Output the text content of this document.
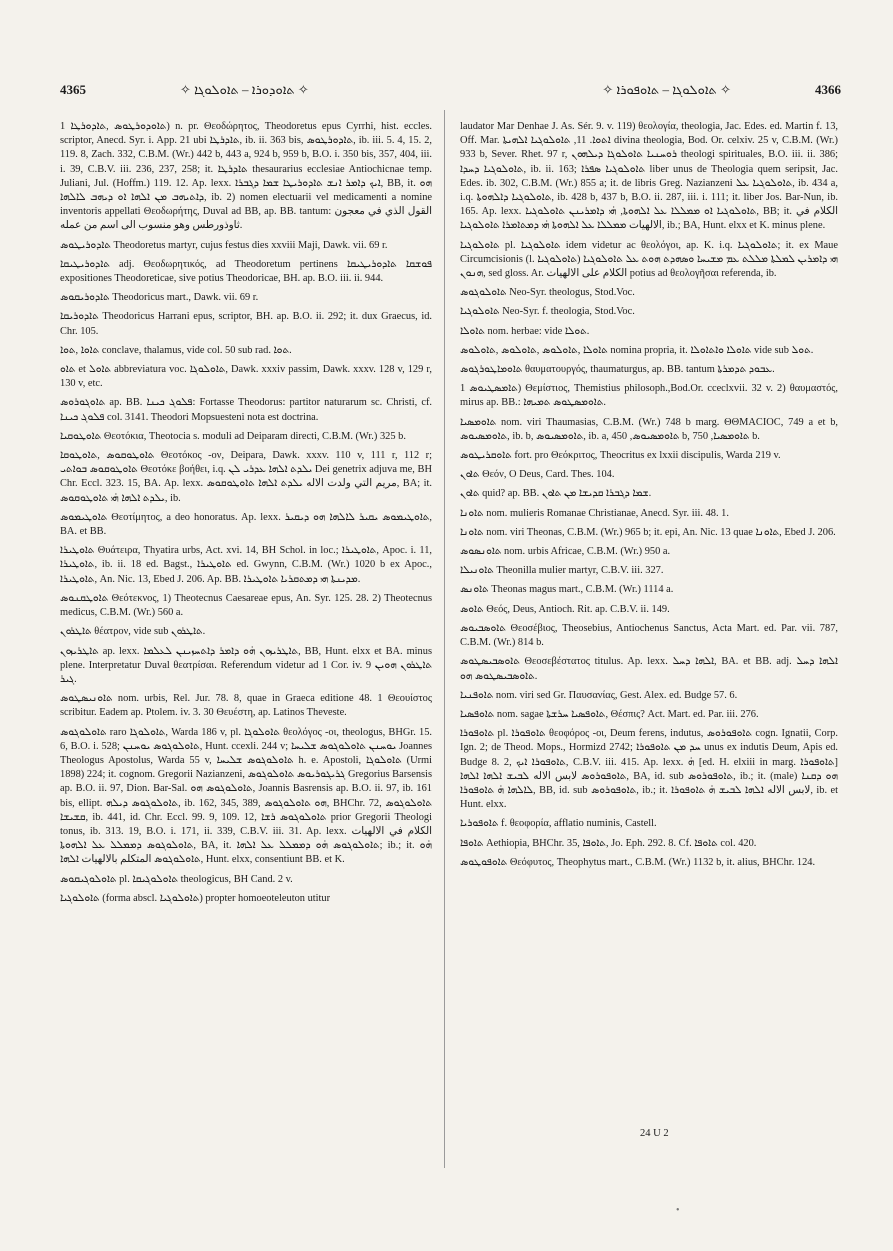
4365	✧ ܬܐܘܕܘܪܐ – ܬܐܘܠܘܓܐ ✧	✧ ܬܐܘܠܘܓܐ – ܬܐܘܦܘܪܐ ✧	4366

ܬܐܘܕܘܪܛܘܣ ,ܬܐܕܘܪܛܐ 1) n. pr. Θεοδώρητος, Theodoretus epus Cyrrhi, hist. eccles. scriptor, Anecd. Syr. i. App. 21 ubi ܬܐܕܪܛܐ, ib. ii. 363 bis, ܬܐܕܘܪܛܘܣ, ib. iii. 5. 4, 15. 2, 119. 8, Zach. 332, C.B.M. (Wr.) 442 b, 443 a, 924 b, 959 b, B.O. i. 350 bis, 357, 404, iii. i. 39, C.B.V. iii. 236, 237, 258; it. ܬܐܕܪܛܐ thesaurarius ecclesiae Antiochicnae temp. Juliani, Jul. (Hoffm.) 119. 12. Ap. lexx. ܐܝܟ ܕܐܡܪ ܐܢܫ ܬܐܕܘܪܝܛܐ ܫܡܐ ܕܓܒܪܐ, BB, it. ܗܘ ܕܐܬܝܗܒ ܡܢ ܐܠܗܐ ܐܘ ܕܝܗܒ ܠܐܠܗܐ, ib. 2) nomen electuarii vel medicamenti a nomine inventoris appellati Θεοδωρήτης, Duval ad BB, ap. BB. tantum: القول الذي في معجون ثاوذورطس وهو منسوب الى اسم من عمله.

ܬܐܕܘܪܝܛܘܣ Theodoretus martyr, cujus festus dies xxviii Maji, Dawk. vii. 69 r.

ܬܐܕܘܪܝܛܝܩܐ adj. Θεοδωρητικός, ad Theodoretum pertinens ܦܘܫܩܐ ܬܐܕܘܪܝܛܝܩܐ expositiones Theodoreticae, sive potius Theodoricae, BH. ap. B.O. iii. ii. 944.

ܬܐܕܘܪܝܩܘܣ Theodoricus mart., Dawk. vii. 69 r.

ܬܐܕܘܪܝܩܐ Theodoricus Harrani epus, scriptor, BH. ap. B.O. ii. 292; it. dux Graecus, id. Chr. 105.

ܬܐܘܐ ,ܬܘܐ conclave, thalamus, vide col. 50 sub rad. ܬܘܐ.

ܬܐܘ et ܬܐܘܠ abbreviatura voc. ܬܐܘܠܘܓܐ, Dawk. xxxiv passim, Dawk. xxxv. 128 v, 129 r, 130 v, etc.

ܬܐܘܓܘܪܘܣ ap. BB. ܦܠܘܓ ܟܝܢܐ: Fortasse Theodorus: partitor naturarum sc. Christi, cf. ܦܠܘܓ ܟܝܢܐ col. 3141. Theodori Mopsuesteni nota est doctrina.

ܬܐܘܛܘܩܝܐ Θεοτόκια, Theotocia s. moduli ad Deiparam directi, C.B.M. (Wr.) 325 b.

ܬܐܘܛܘܩܘܣ ,ܬܐܘܛܘܩܐ Θεοτόκος -ον, Deipara, Dawk. xxxv. 110 v, 111 r, 112 r; ܬܐܘܛܘܩܘܣ ܒܘܐܬܝ Θεοτόκε βοήθει, i.q. ܝܠܕܬ ܐܠܗܐ ܥܕܪܝ ܠܢ Dei genetrix adjuva me, BH Chr. Eccl. 323. 15, BA. Ap. lexx. مريم التي ولدت الاله ܝܠܕܬ ܐܠܗܐ ܬܐܘܛܘܩܘܣ, BA; it. ܝܠܕܬ ܐܠܗܐ ܗ̇ܝ ܬܐܘܛܘܩܘܣ, ib.

ܬܐܘܛܝܡܘܣ Θεοτίμητος, a deo honoratus. Ap. lexx. ܬܐܘܛܝܡܘܣ ܝܩܝܪ ܠܐܠܗܐ ܗܘ ܕܝܩܝܪ, BA. et BB.

ܬܐܘܛܝܪܐ Θυάτειρα, Thyatira urbs, Act. xvi. 14, BH Schol. in loc.; ܬܐܘܛܝܪܐ, Apoc. i. 11, ܬܐܘܛܝܪܐ, ib. ii. 18 ed. Bagst., ܬܐܘܛܝܪܐ ed. Gwynn, C.B.M. (Wr.) 1020 b ex Apoc., ܬܐܘܛܝܪܐ, An. Nic. 13, Ebed J. 206. Ap. BB. ܡܕܝܢܬܐ ܗܝ ܕܡܬܩܪܝܐ ܬܐܘܛܝܪܐ.

ܬܐܘܛܩܢܘܣ Θεότεκνος, 1) Theotecnus Caesareae epus, An. Syr. 125. 28. 2) Theotecnus medicus, C.B.M. (Wr.) 560 a.

ܬܐܛܪܘܢ θέατρον, vide sub ܬܐܛܪܘܢ.

ܬܐܛܪܝܙܘܢ ap. lexx. ܬܐܛܪܝܙܘܢ ܗ̇ܘ ܕܐܡܪ ܕܐܬܚܙܝܢܢ ܠܥܠܡܐ, BB, Hunt. elxx et BA. minus plene. Interpretatur Duval θεατρίσαι. Referendum videtur ad 1 Cor. iv. 9 ܬܐܛܪܘܢ ܗܘܝܢ ܓܝܪ.

ܬܐܘܢܝܣܛܘܣ nom. urbis, Rel. Jur. 78. 8, quae in Graeca editione 48. 1 Θεουίστος scribitur. Eadem ap. Ptolem. iv. 3. 30 Θευέστη, ap. Latinos Theveste.

ܬܐܘܠܘܓܘܣ raro ܬܐܘܠܘܓܐ, Warda 186 v, pl. ܬܐܘܠܘܓܐ θεολόγος -οι, theologus, BHGr. 15. 6, B.O. i. 528; ܬܐܘܠܘܓܘܣ ܝܘܚܢܢ, Hunt. ccexli. 244 v; ܝܘܚܢܢ ܬܐܘܠܘܓܘܣ ܫܠܝܚܐ Joannes Theologus Apostolus, Warda 55 v, ܬܐܘܠܘܓܘܣ ܫܠܝܚܐ h. e. Apostoli, ܬܐܘܠܘܓܐ (Urmi 1898) 224; it. cognom. Gregorii Nazianzeni, ܓܪܝܓܘܪܝܘܣ ܬܐܘܠܘܓܘܣ Gregorius Barsensis ap. B.O. ii. 97, Dion. Bar-Sal. ܬܐܘܠܘܓܘܣ ܗܘ, Joannis Basrensis ap. B.O. ii. 97, ib. 161 bis, ellipt. ܬܐܘܠܘܓܘܣ ܕܝܠܗ, ib. 162, 345, 389, ܗܘ ܬܐܘܠܘܓܘܣ, BHChr. 72, ܬܐܘܠܘܓܘܣ ܩܫܝܫܐ, ib. 441, id. Chr. Eccl. 99. 9, 109. 12, ܬܐܘܠܘܓܘܣ ܪܫܐ prior Gregorii Theologi tonus, ib. 313. 19, B.O. i. 171, ii. 339, C.B.V. iii. 31. Ap. lexx. الكلام في الالهيات ܬܐܘܠܘܓܘܣ ܕܡܡܠܠ ܥܠ ܐܠܗܘܬܐ, BA, it. ܬܐܘܠܘܓܘܣ ܗ̇ܘ ܕܡܡܠܠ ܥܠ ܐܠܗܐ; ib.; it. ܗ̇ܘ ܬܐܘܠܘܓܘܣ المتكلم بالالهيات ܐܠܗܐ, Hunt. elxx, consentiunt BB. et K.

ܬܐܘܠܘܓܝܩܘܣ pl. ܬܐܘܠܘܓܝܩܐ theologicus, BH Cand. 2 v.

ܬܐܘܠܘܓܝܐ (forma abscl. ܬܐܘܠܘܓܝܐ) propter homoeoteleuton utitur

laudator Mar Denhae J. As. Sér. 9. v. 119) θεολογία, theologia, Jac. Edes. ed. Martin f. 13, Off. Mar. ܐܬܘܐ. 11, ܬܐܘܠܘܓܝܐ ܐܠܗܝܬܐ divina theologia, Bod. Or. celxiv. 25 v, C.B.M. (Wr.) 933 b, Sever. Rhet. 97 r, ܪܘܚܢܝܐ ܬܐܘܠܘܓܐ ܕܝܠܗܘܢ theologi spirituales, B.O. iii. ii. 386; ܬܐܘܠܘܓܝܐ ܕܚܕܐ, ib. ii. 163; ܬܐܘܠܘܓܝܐ ܣܦܪܐ liber unus de Theologia quem seripsit, Jac. Edes. ib. 302, C.B.M. (Wr.) 855 a; it. de libris Greg. Nazianzeni ܬܐܘܠܘܓܝܐ ܥܠ, ib. 434 a, i.q. ܬܐܘܠܘܓܝܐ ܕܐܠܗܘܬܐ, ib. 428 b, 437 b, B.O. ii. 287, iii. i. 111; it. liber Jos. Bar-Nun, ib. 165. Ap. lexx. ܬܐܘܠܘܓܝܐ ܐܘ ܡܡܠܠܐ ܥܠ ܐܠܗܘܬܐ, ܗ̇ܝ ܕܐܡܪܝܢܢ ܬܐܘܠܘܓܝܐ, BB; it. الكلام في الالهيات ܡܡܠܠܐ ܥܠ ܐܠܗܘܬܐ ܗ̇ܝ ܕܡܬܐܡܪܐ ܬܐܘܠܘܓܝܐ, ib.; BA, Hunt. elxx et K. minus plene.

ܬܐܘܠܘܓܝܐ pl. ܬܐܘܠܘܓܝܐ idem videtur ac θεολόγοι, ap. K. i.q. ܬܐܘܠܘܓܝܐ; it. ex Maue Circumcisionis (l. ܬܐܘܠܘܓܝܐ) ܗܝ ܕܐܡܪܝܢ ܠܡܠܬܐ ܡܠܠܬ ܥܡ ܡܫܝܚܐ ܘܣܗܕܬ ܗܘܬ ܥܠ ܬܐܘܠܘܓܝܐ ܗܢܘܢ, sed gloss. Ar. الكلام على الالهيات potius ad θεολογῆσαι referenda, ib.

ܬܐܘܠܘܓܘܣ Neo-Syr. theologus, Stod.Voc.

ܬܐܘܠܘܓܝܐ Neo-Syr. f. theologia, Stod.Voc.

ܬܐܘܠܐ nom. herbae: vide ܬܘܠܐ.

ܬܐܘܠܐ ,ܬܐܘܠܘܣ ,ܬܐܘܠܘܣ ,ܬܐܘܠܘܣ nomina propria, it. ܬܐܘܠܐ ܘܐܬܐܘܠܐ vide sub ܬܘܠ.

ܬܐܘܡܐܛܘܪܓܘܣ θαυματουργός, thaumaturgus, ap. BB. tantum ܥܒܘܕ ܬܕܡܪܬܐ.

ܬܐܡܣܛܝܘܣ 1) Θεμίστιος, Themistius philosoph.,Bod.Or. cceclxvii. 32 v. 2) θαυμαστός, mirus ap. BB.: ܬܐܘܡܣܛܘܣ ܬܡܝܗܐ.

ܬܐܘܡܣܝܐ nom. viri Thaumasias, C.B.M. (Wr.) 748 b marg. ΘΘΜΑCΙΟC, 749 a et b, ܬܐܘܡܣܝܘܣ, ib. b, ܬܐܘܡܣܝܘܣ, ib. a, ܬܐܘܡܣܝܘܣ, 450 b, ܬܐܘܡܣܝܐ, 750 b.

ܬܐܘܩܪܝܛܘܣ fort. pro Θεόκριτος, Theocritus ex lxxii discipulis, Warda 219 v.

ܬܐܘܢ Θεόν, O Deus, Card. Thes. 104.

ܬܐܘܢ quid? ap. BB. ܫܡܐ ܕܓܒܪܐ ܩܕܝܫܐ ܡܢ ܬܐܘܢ.

ܬܐܘܢܐ nom. mulieris Romanae Christianae, Anecd. Syr. iii. 48. 1.

ܬܐܘܢܐ nom. viri Theonas, C.B.M. (Wr.) 965 b; it. epi, An. Nic. 13 quae ܬܐܘܢܐ, Ebed J. 206.

ܬܐܘܢܣܘܣ nom. urbis Africae, C.B.M. (Wr.) 950 a.

ܬܐܘܢܝܠܐ Theonilla mulier martyr, C.B.V. iii. 327.

ܬܐܘܢܣ Theonas magus mart., C.B.M. (Wr.) 1114 a.

ܬܐܘܣ Θεός, Deus, Antioch. Rit. ap. C.B.V. ii. 149.

ܬܐܘܣܒܝܘܣ Θεοσέβιος, Theosebius, Antiochenus Sanctus, Acta Mart. ed. Par. vii. 787, C.B.M. (Wr.) 814 b.

ܬܐܘܣܒܝܣܛܘܣ Θεοσεβέστατος titulus. Ap. lexx. ܐܠܗܐ ܕܚܠ, BA. et BB. adj. ܐܠܗܐ ܕܚܠ ܬܐܘܣܒܝܣܛܘܣ ܗܘ.

ܬܐܘܦܢܝܐ nom. viri sed Gr. Παυσανίας, Gest. Alex. ed. Budge 57. 6.

ܬܐܘܦܣܝܐ nom. sagae ܬܐܘܦܣܝܐ ܚܪܫܬܐ, Θέσπις? Act. Mart. ed. Par. iii. 276.

ܬܐܘܦܘܪܐ pl. ܬܐܘܦܘܪܐ θεοφόρος -οι, Deum ferens, indutus, ܬܐܘܦܘܪܘܣ cogn. Ignatii, Corp. Ign. 2; de Theod. Mops., Hormizd 2742; ܚܕ ܡܢ ܬܐܘܦܘܪܐ unus ex indutis Deum, Apis ed. Budge 8. 2, ܬܐܘܦܘܪܐ ܐܝܟ, C.B.V. iii. 415. Ap. lexx. ܗ̇ [ed. H. elxiii in marg. ܬܐܘܦܘܪܐ] ܬܐܘܦܘܪܘܣ لابس الاله ܠܒܝܫ ܐܠܗܐ ܐܠܗܐ, BA, id. sub ܬܐܘܦܘܪܘܣ, ib.; it. (male) ܗܘ ܕܩܢܐ ܠܐܠܗܐ ܗ̇ ܬܐܘܦܘܪܐ, BB, id. sub ܬܐܘܦܘܪܘܣ, ib.; it. لابس الاله ܐܠܗܐ ܠܒܝܫ ܗ̇ ܬܐܘܦܘܪܐ, ib. et Hunt. elxx.

ܬܐܘܦܘܪܝܐ f. θεοφορία, afflatio numinis, Castell.

ܬܐܘܦܐ Aethiopia, BHChr. 35, ܬܐܘܦܐ, Jo. Eph. 292. 8. Cf. ܬܐܘܦܐ col. 420.

ܬܐܘܦܘܛܘܣ Θεόφυτος, Theophytus mart., C.B.M. (Wr.) 1132 b, it. alius, BHChr. 124.

24 U 2
•
